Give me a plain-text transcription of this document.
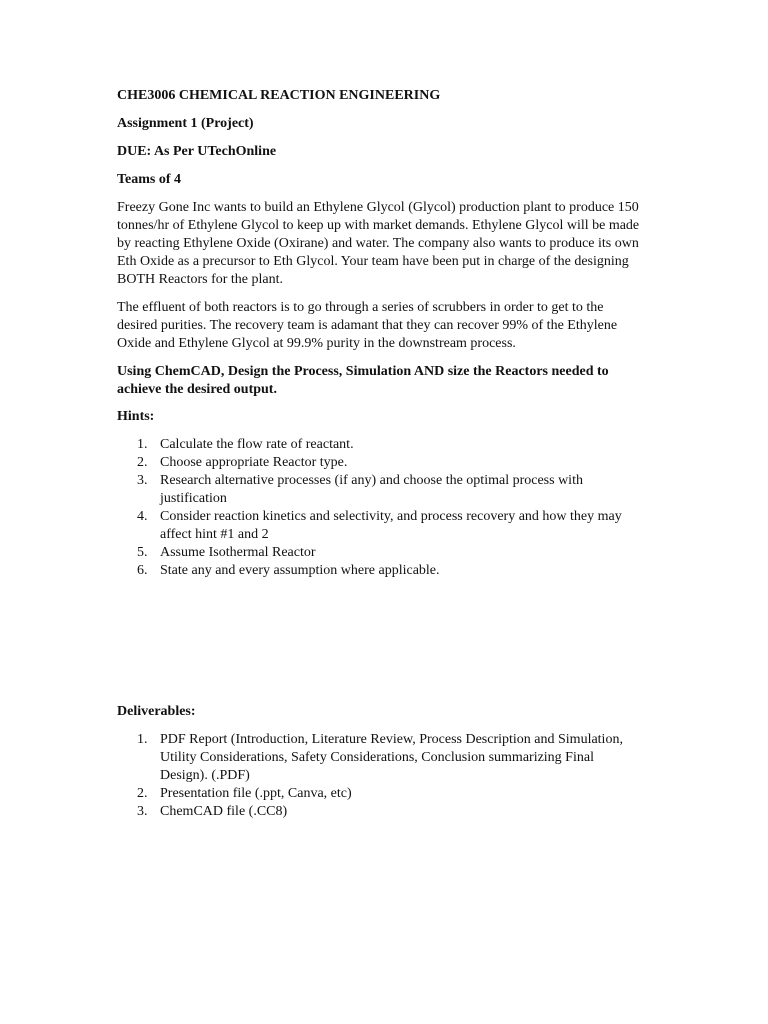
CHE3006 CHEMICAL REACTION ENGINEERING
Assignment 1 (Project)
DUE: As Per UTechOnline
Teams of 4
Freezy Gone Inc wants to build an Ethylene Glycol (Glycol) production plant to produce 150
tonnes/hr of Ethylene Glycol to keep up with market demands. Ethylene Glycol will be made
by reacting Ethylene Oxide (Oxirane) and water. The company also wants to produce its own
Eth Oxide as a precursor to Eth Glycol. Your team have been put in charge of the designing
BOTH Reactors for the plant.
The effluent of both reactors is to go through a series of scrubbers in order to get to the
desired purities. The recovery team is adamant that they can recover 99% of the Ethylene
Oxide and Ethylene Glycol at 99.9% purity in the downstream process.
Using ChemCAD, Design the Process, Simulation AND size the Reactors needed to
achieve the desired output.
Hints:
1. Calculate the flow rate of reactant.
2. Choose appropriate Reactor type.
3. Research alternative processes (if any) and choose the optimal process with
justification
4. Consider reaction kinetics and selectivity, and process recovery and how they may
affect hint #1 and 2
5. Assume Isothermal Reactor
6. State any and every assumption where applicable.
Deliverables:
1. PDF Report (Introduction, Literature Review, Process Description and Simulation,
Utility Considerations, Safety Considerations, Conclusion summarizing Final
Design). (.PDF)
2. Presentation file (.ppt, Canva, etc)
3. ChemCAD file (.CC8)
